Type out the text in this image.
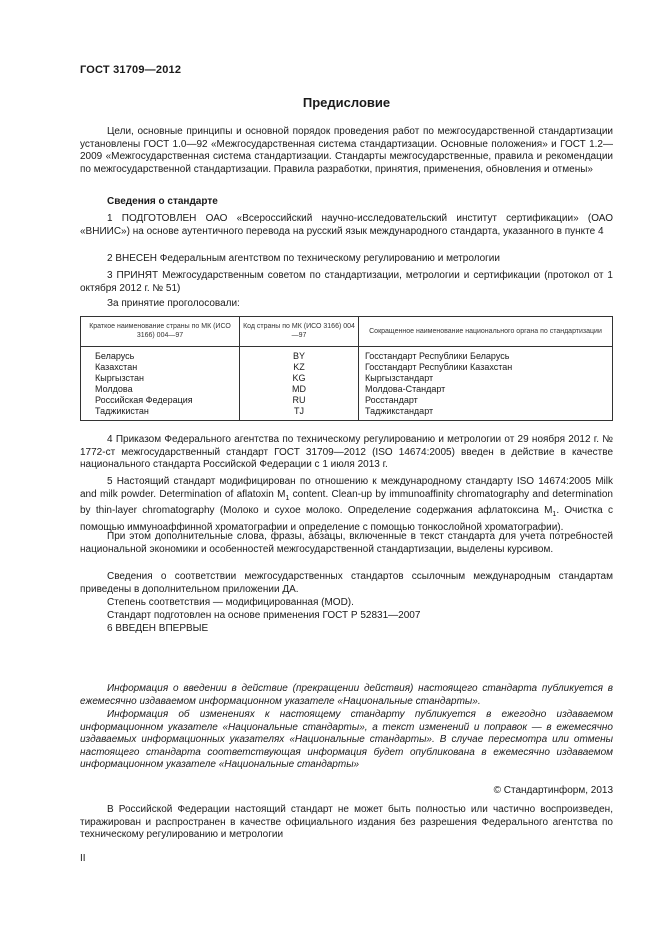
ГОСТ 31709—2012
Предисловие

Цели, основные принципы и основной порядок проведения работ по межгосударственной стандартизации установлены ГОСТ 1.0—92 «Межгосударственная система стандартизации. Основные положения» и ГОСТ 1.2—2009 «Межгосударственная система стандартизации. Стандарты межгосударственные, правила и рекомендации по межгосударственной стандартизации. Правила разработки, принятия, применения, обновления и отмены»

Сведения о стандарте

1 ПОДГОТОВЛЕН ОАО «Всероссийский научно-исследовательский институт сертификации» (ОАО «ВНИИС») на основе аутентичного перевода на русский язык международного стандарта, указанного в пункте 4

2 ВНЕСЕН Федеральным агентством по техническому регулированию и метрологии

3 ПРИНЯТ Межгосударственным советом по стандартизации, метрологии и сертификации (протокол от 1 октября 2012 г. № 51)

За принятие проголосовали:

Краткое наименование страны по МК (ИСО 3166) 004—97	Код страны по МК (ИСО 3166) 004—97	Сокращенное наименование национального органа по стандартизации
Беларусь	BY	Госстандарт Республики Беларусь
Казахстан	KZ	Госстандарт Республики Казахстан
Кыргызстан	KG	Кыргызстандарт
Молдова	MD	Молдова-Стандарт
Российская Федерация	RU	Росстандарт
Таджикистан	TJ	Таджикстандарт

4 Приказом Федерального агентства по техническому регулированию и метрологии от 29 ноября 2012 г. № 1772-ст межгосударственный стандарт ГОСТ 31709—2012 (ISO 14674:2005) введен в действие в качестве национального стандарта Российской Федерации с 1 июля 2013 г.

5 Настоящий стандарт модифицирован по отношению к международному стандарту ISO 14674:2005 Milk and milk powder. Determination of aflatoxin $M_1$ content. Clean-up by immunoaffinity chromatography and determination by thin-layer chromatography (Молоко и сухое молоко. Определение содержания афлатоксина $M_1$. Очистка с помощью иммуноаффинной хроматографии и определение с помощью тонкослойной хроматографии).

При этом дополнительные слова, фразы, абзацы, включенные в текст стандарта для учета потребностей национальной экономики и особенностей межгосударственной стандартизации, выделены курсивом.

Сведения о соответствии межгосударственных стандартов ссылочным международным стандартам приведены в дополнительном приложении ДА.

Степень соответствия — модифицированная (MOD).

Стандарт подготовлен на основе применения ГОСТ Р 52831—2007

6 ВВЕДЕН ВПЕРВЫЕ

Информация о введении в действие (прекращении действия) настоящего стандарта публикуется в ежемесячно издаваемом информационном указателе «Национальные стандарты».

Информация об изменениях к настоящему стандарту публикуется в ежегодно издаваемом информационном указателе «Национальные стандарты», а текст изменений и поправок — в ежемесячно издаваемых информационных указателях «Национальные стандарты». В случае пересмотра или отмены настоящего стандарта соответствующая информация будет опубликована в ежемесячно издаваемом информационном указателе «Национальные стандарты»

© Стандартинформ, 2013

В Российской Федерации настоящий стандарт не может быть полностью или частично воспроизведен, тиражирован и распространен в качестве официального издания без разрешения Федерального агентства по техническому регулированию и метрологии

II
